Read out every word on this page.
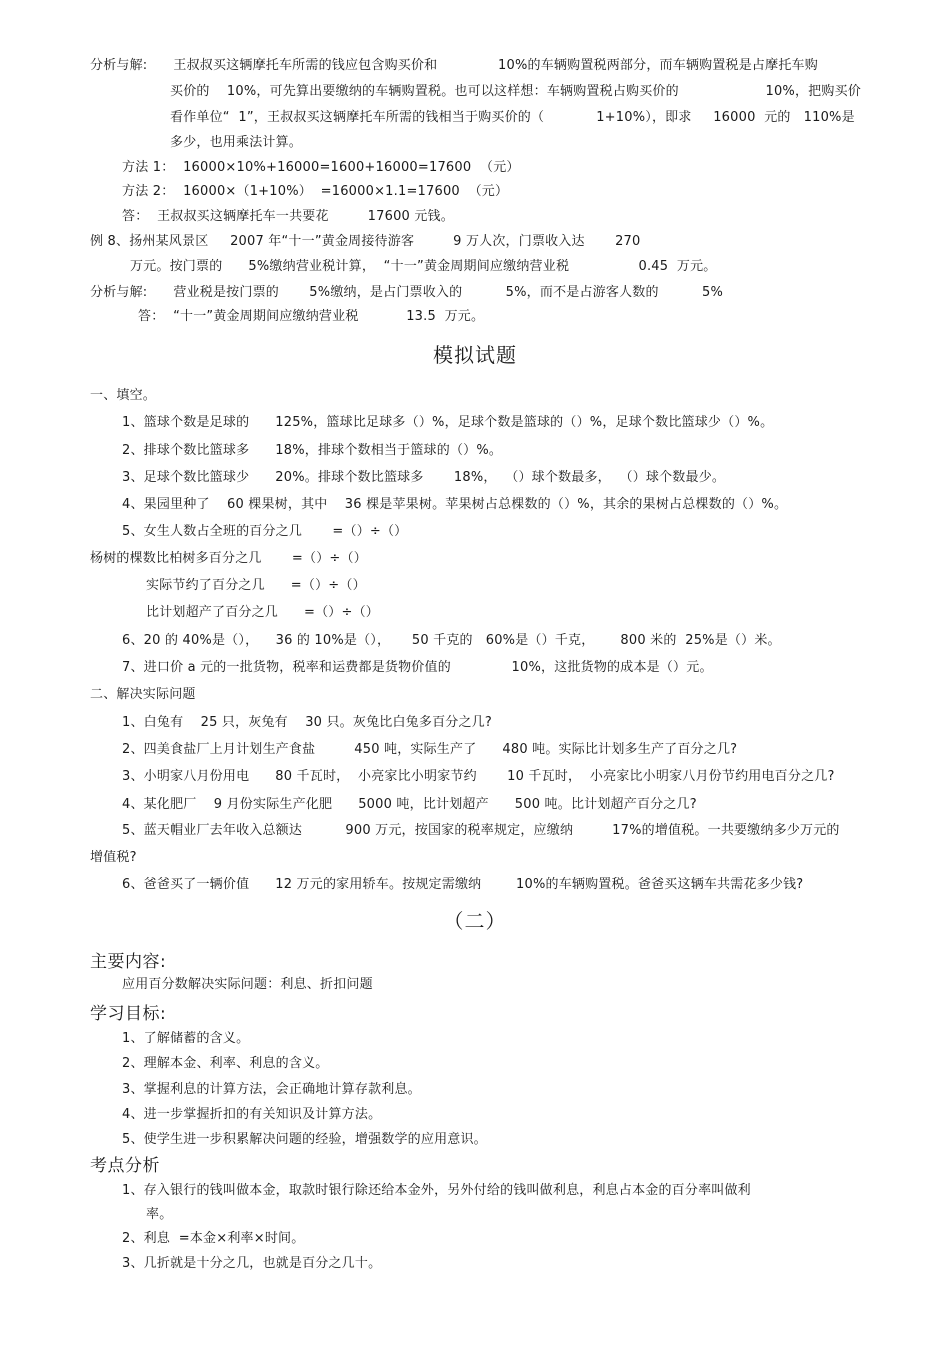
分析与解:      王叔叔买这辆摩托车所需的钱应包含购买价和              10%的车辆购置税两部分，而车辆购置税是占摩托车购
买价的    10%，可先算出要缴纳的车辆购置税。也可以这样想：车辆购置税占购买价的                    10%，把购买价
看作单位“  1”，王叔叔买这辆摩托车所需的钱相当于购买价的（            1+10%），即求     16000  元的   110%是
多少，也用乘法计算。
方法 1：  16000×10%+16000=1600+16000=17600  （元）
方法 2：  16000×（1+10%）  =16000×1.1=17600  （元）
答：  王叔叔买这辆摩托车一共要花         17600 元钱。
例 8、扬州某风景区     2007 年“十一”黄金周接待游客         9 万人次，门票收入达       270
万元。按门票的      5%缴纳营业税计算，  “十一”黄金周期间应缴纳营业税                0.45  万元。
分析与解:      营业税是按门票的       5%缴纳，是占门票收入的          5%，而不是占游客人数的          5%
答：  “十一”黄金周期间应缴纳营业税           13.5  万元。
模拟试题
一、填空。
1、篮球个数是足球的      125%，篮球比足球多（）%，足球个数是篮球的（）%，足球个数比篮球少（）%。
2、排球个数比篮球多      18%，排球个数相当于篮球的（）%。
3、足球个数比篮球少      20%。排球个数比篮球多       18%，  （）球个数最多，  （）球个数最少。
4、果园里种了    60 棵果树，其中    36 棵是苹果树。苹果树占总棵数的（）%，其余的果树占总棵数的（）%。
5、女生人数占全班的百分之几       =（）÷（）
杨树的棵数比柏树多百分之几       =（）÷（）
实际节约了百分之几      =（）÷（）
比计划超产了百分之几      =（）÷（）
6、20 的 40%是（），    36 的 10%是（），     50 千克的   60%是（）千克，      800 米的  25%是（）米。
7、进口价 a 元的一批货物，税率和运费都是货物价值的              10%，这批货物的成本是（）元。
二、解决实际问题
1、白兔有    25 只，灰兔有    30 只。灰兔比白兔多百分之几?
2、四美食盐厂上月计划生产食盐         450 吨，实际生产了      480 吨。实际比计划多生产了百分之几?
3、小明家八月份用电      80 千瓦时，  小亮家比小明家节约       10 千瓦时，  小亮家比小明家八月份节约用电百分之几?
4、某化肥厂    9 月份实际生产化肥      5000 吨，比计划超产      500 吨。比计划超产百分之几?
5、蓝天帽业厂去年收入总额达          900 万元，按国家的税率规定，应缴纳         17%的增值税。一共要缴纳多少万元的
增值税?
6、爸爸买了一辆价值      12 万元的家用轿车。按规定需缴纳        10%的车辆购置税。爸爸买这辆车共需花多少钱?
（二）
主要内容:
应用百分数解决实际问题：利息、折扣问题
学习目标:
1、了解储蓄的含义。
2、理解本金、利率、利息的含义。
3、掌握利息的计算方法，会正确地计算存款利息。
4、进一步掌握折扣的有关知识及计算方法。
5、使学生进一步积累解决问题的经验，增强数学的应用意识。
考点分析
1、存入银行的钱叫做本金，取款时银行除还给本金外，另外付给的钱叫做利息，利息占本金的百分率叫做利
率。
2、利息  =本金×利率×时间。
3、几折就是十分之几，也就是百分之几十。
